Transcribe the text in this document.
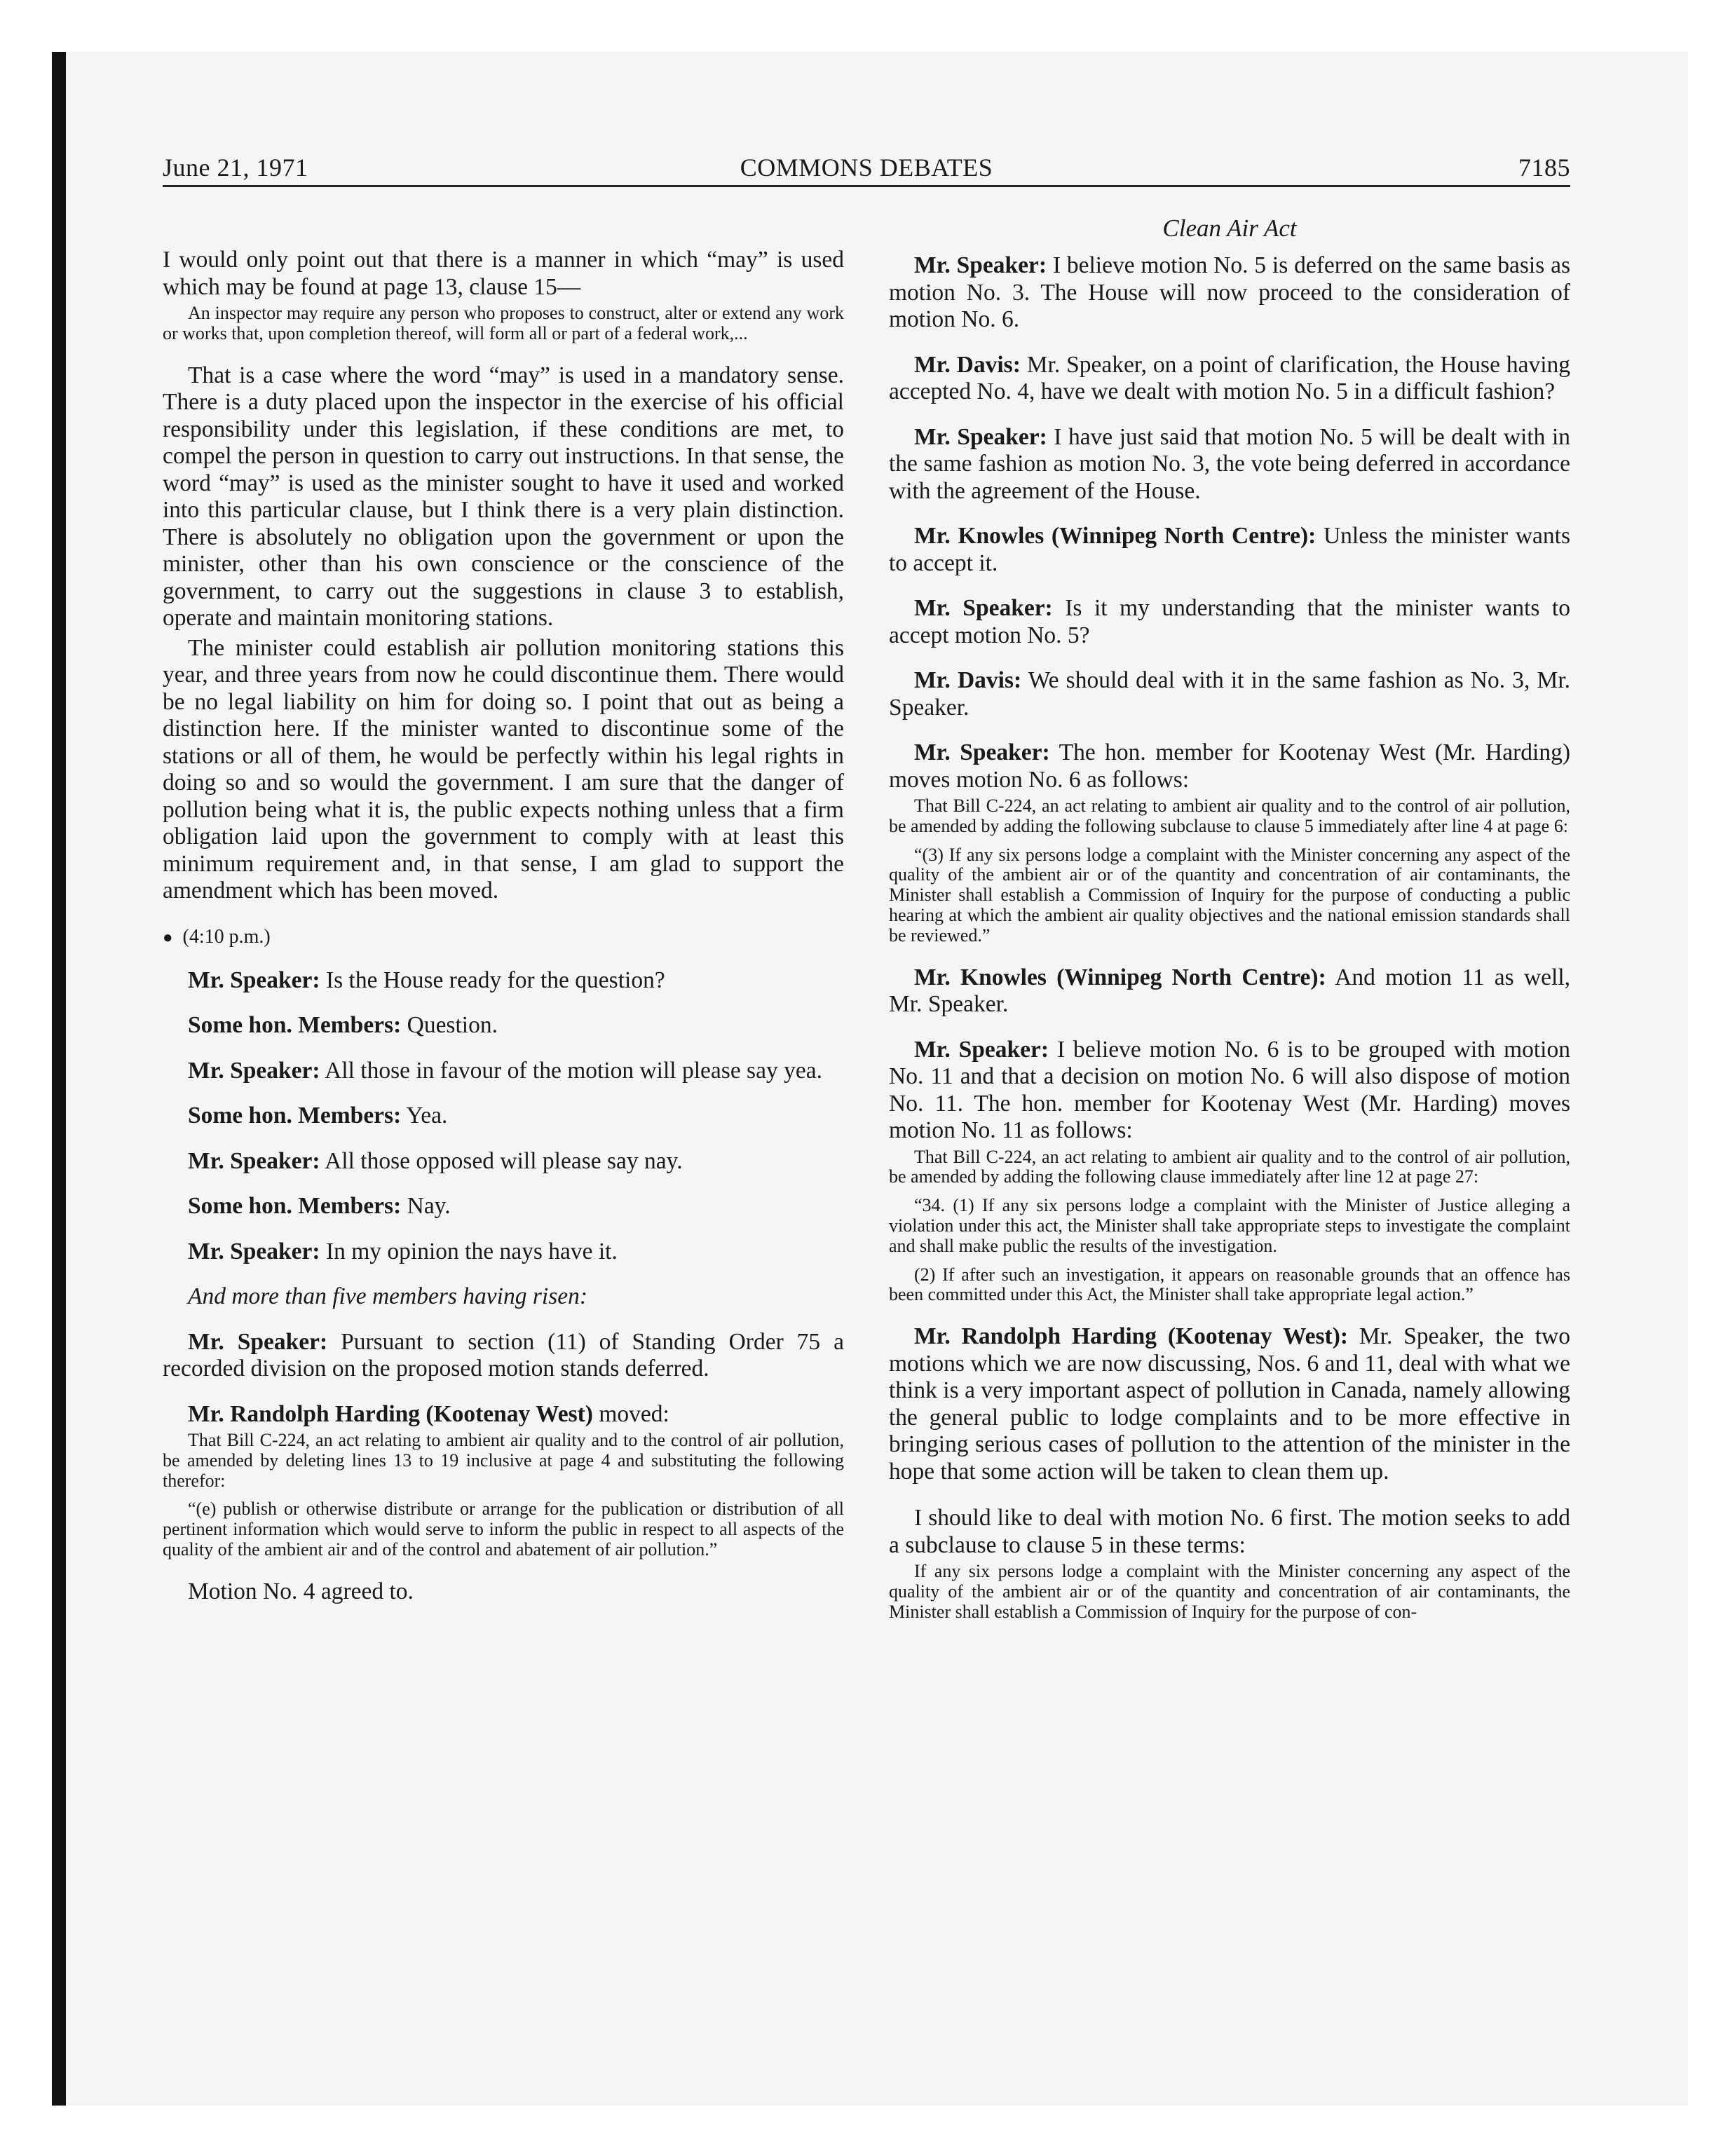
June 21, 1971	COMMONS DEBATES	7185

I would only point out that there is a manner in which “may” is used which may be found at page 13, clause 15—

An inspector may require any person who proposes to construct, alter or extend any work or works that, upon completion thereof, will form all or part of a federal work,...

That is a case where the word “may” is used in a mandatory sense. There is a duty placed upon the inspector in the exercise of his official responsibility under this legislation, if these conditions are met, to compel the person in question to carry out instructions. In that sense, the word “may” is used as the minister sought to have it used and worked into this particular clause, but I think there is a very plain distinction. There is absolutely no obligation upon the government or upon the minister, other than his own conscience or the conscience of the government, to carry out the suggestions in clause 3 to establish, operate and maintain monitoring stations.

The minister could establish air pollution monitoring stations this year, and three years from now he could discontinue them. There would be no legal liability on him for doing so. I point that out as being a distinction here. If the minister wanted to discontinue some of the stations or all of them, he would be perfectly within his legal rights in doing so and so would the government. I am sure that the danger of pollution being what it is, the public expects nothing unless that a firm obligation laid upon the government to comply with at least this minimum requirement and, in that sense, I am glad to support the amendment which has been moved.

● (4:10 p.m.)

Mr. Speaker: Is the House ready for the question?

Some hon. Members: Question.

Mr. Speaker: All those in favour of the motion will please say yea.

Some hon. Members: Yea.

Mr. Speaker: All those opposed will please say nay.

Some hon. Members: Nay.

Mr. Speaker: In my opinion the nays have it.

And more than five members having risen:

Mr. Speaker: Pursuant to section (11) of Standing Order 75 a recorded division on the proposed motion stands deferred.

Mr. Randolph Harding (Kootenay West) moved:

That Bill C-224, an act relating to ambient air quality and to the control of air pollution, be amended by deleting lines 13 to 19 inclusive at page 4 and substituting the following therefor:

“(e) publish or otherwise distribute or arrange for the publication or distribution of all pertinent information which would serve to inform the public in respect to all aspects of the quality of the ambient air and of the control and abatement of air pollution.”

Motion No. 4 agreed to.

Clean Air Act

Mr. Speaker: I believe motion No. 5 is deferred on the same basis as motion No. 3. The House will now proceed to the consideration of motion No. 6.

Mr. Davis: Mr. Speaker, on a point of clarification, the House having accepted No. 4, have we dealt with motion No. 5 in a difficult fashion?

Mr. Speaker: I have just said that motion No. 5 will be dealt with in the same fashion as motion No. 3, the vote being deferred in accordance with the agreement of the House.

Mr. Knowles (Winnipeg North Centre): Unless the minister wants to accept it.

Mr. Speaker: Is it my understanding that the minister wants to accept motion No. 5?

Mr. Davis: We should deal with it in the same fashion as No. 3, Mr. Speaker.

Mr. Speaker: The hon. member for Kootenay West (Mr. Harding) moves motion No. 6 as follows:

That Bill C-224, an act relating to ambient air quality and to the control of air pollution, be amended by adding the following subclause to clause 5 immediately after line 4 at page 6:

“(3) If any six persons lodge a complaint with the Minister concerning any aspect of the quality of the ambient air or of the quantity and concentration of air contaminants, the Minister shall establish a Commission of Inquiry for the purpose of conducting a public hearing at which the ambient air quality objectives and the national emission standards shall be reviewed.”

Mr. Knowles (Winnipeg North Centre): And motion 11 as well, Mr. Speaker.

Mr. Speaker: I believe motion No. 6 is to be grouped with motion No. 11 and that a decision on motion No. 6 will also dispose of motion No. 11. The hon. member for Kootenay West (Mr. Harding) moves motion No. 11 as follows:

That Bill C-224, an act relating to ambient air quality and to the control of air pollution, be amended by adding the following clause immediately after line 12 at page 27:

“34. (1) If any six persons lodge a complaint with the Minister of Justice alleging a violation under this act, the Minister shall take appropriate steps to investigate the complaint and shall make public the results of the investigation.

(2) If after such an investigation, it appears on reasonable grounds that an offence has been committed under this Act, the Minister shall take appropriate legal action.”

Mr. Randolph Harding (Kootenay West): Mr. Speaker, the two motions which we are now discussing, Nos. 6 and 11, deal with what we think is a very important aspect of pollution in Canada, namely allowing the general public to lodge complaints and to be more effective in bringing serious cases of pollution to the attention of the minister in the hope that some action will be taken to clean them up.

I should like to deal with motion No. 6 first. The motion seeks to add a subclause to clause 5 in these terms:

If any six persons lodge a complaint with the Minister concerning any aspect of the quality of the ambient air or of the quantity and concentration of air contaminants, the Minister shall establish a Commission of Inquiry for the purpose of con-
